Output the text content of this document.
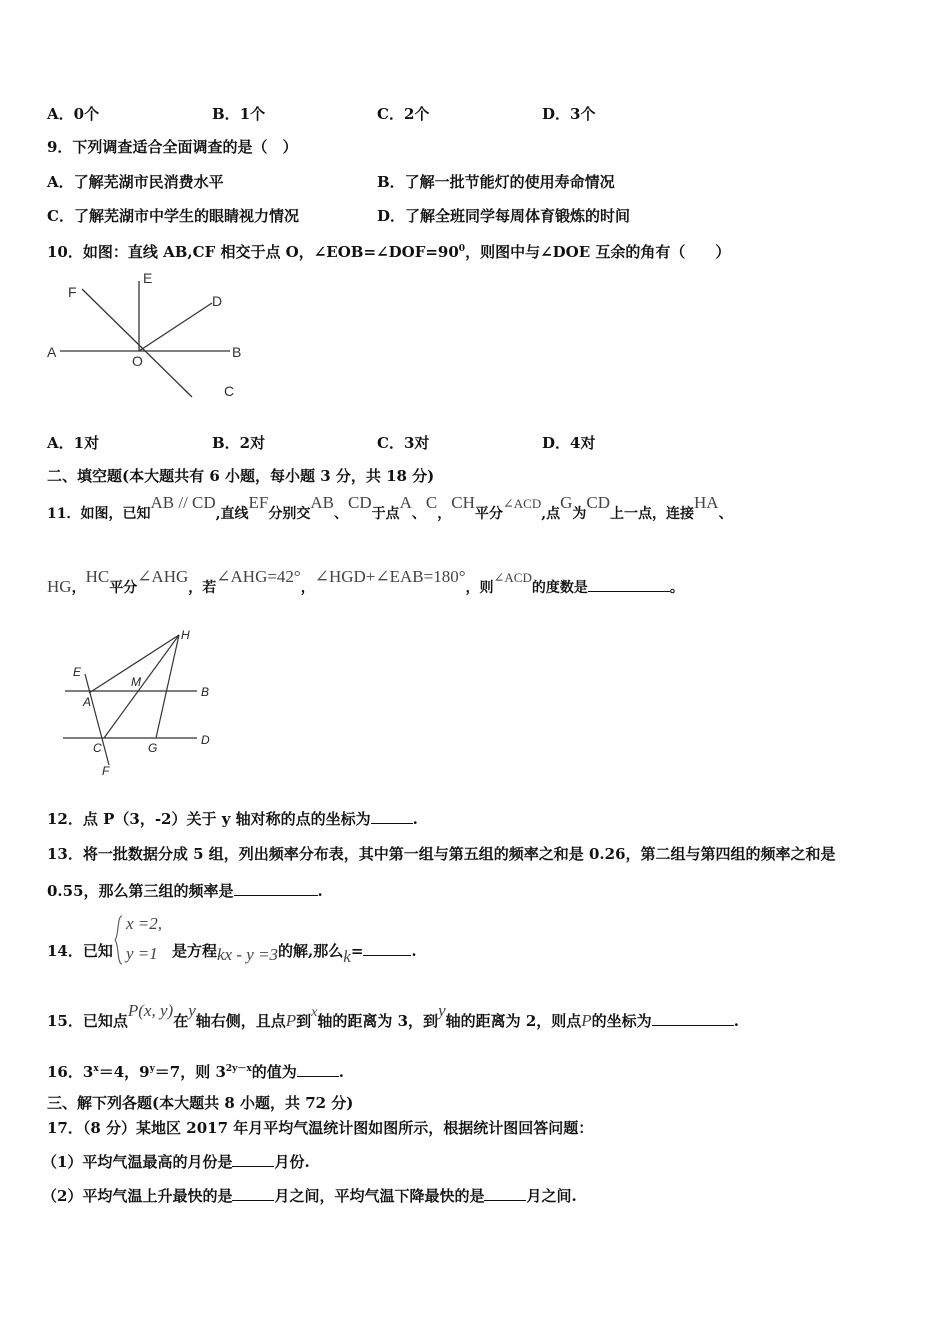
A．0个	B．1个	C．2个	D．3个
9．下列调查适合全面调查的是（　）
A．了解芜湖市民消费水平	B．了解一批节能灯的使用寿命情况
C．了解芜湖市中学生的眼睛视力情况	D．了解全班同学每周体育锻炼的时间
10．如图：直线 AB,CF 相交于点 O，$\angle EOB=\angle DOF=90^0$，则图中与∠DOE 互余的角有（　　）
F
E
D
A	B
O
C
A．1对	B．2对	C．3对	D．4对
二、填空题(本大题共有 6 小题，每小题 3 分，共 18 分)
11．如图，已知AB // CD,直线EF分别交AB、CD于点A、C，CH平分∠ACD,点G为CD上一点，连接HA、
HG，HC平分∠AHG，若∠AHG=42°，∠HGD+∠EAB=180°，则∠ACD的度数是	。
H
E
M
B
A
C	G
D
F
12．点 P（3，-2）关于 y 轴对称的点的坐标为	.
13．将一批数据分成 5 组，列出频率分布表，其中第一组与第五组的频率之和是 0.26，第二组与第四组的频率之和是
0.55，那么第三组的频率是	.
x =2,
y =1
14．已知	是方程kx - y =3的解,那么k=	.
15．已知点P(x, y)在y轴右侧，且点P到x轴的距离为 3，到y轴的距离为 2，则点P的坐标为	.
16．$3^x=4$，$9^y=7$，则 $3^{2y-x}$的值为	.
三、解下列各题(本大题共 8 小题，共 72 分)
17．（8 分）某地区 2017 年月平均气温统计图如图所示，根据统计图回答问题：
（1）平均气温最高的月份是	月份.
（2）平均气温上升最快的是	月之间，平均气温下降最快的是	月之间.
